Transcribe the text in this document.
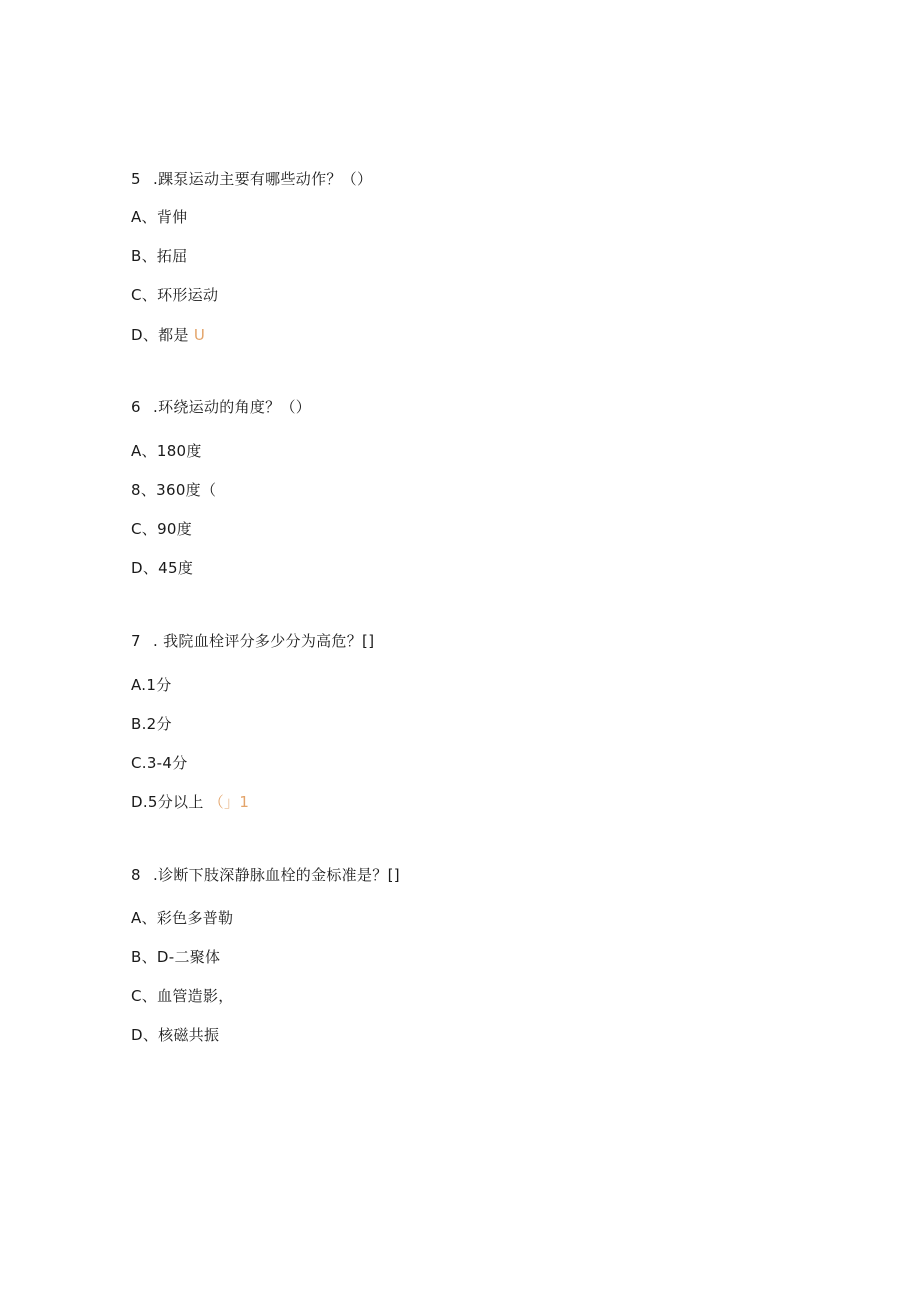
5 .踝泵运动主要有哪些动作？（）
A、背伸
B、拓屈
C、环形运动
D、都是 U
6 .环绕运动的角度？（）
A、180度
8、360度（
C、90度
D、45度
7 . 我院血栓评分多少分为高危？[]
A.1分
B.2分
C.3-4分
D.5分以上 （」1
8 .诊断下肢深静脉血栓的金标准是？[]
A、彩色多普勒
B、D-二聚体
C、血管造影，
D、核磁共振
